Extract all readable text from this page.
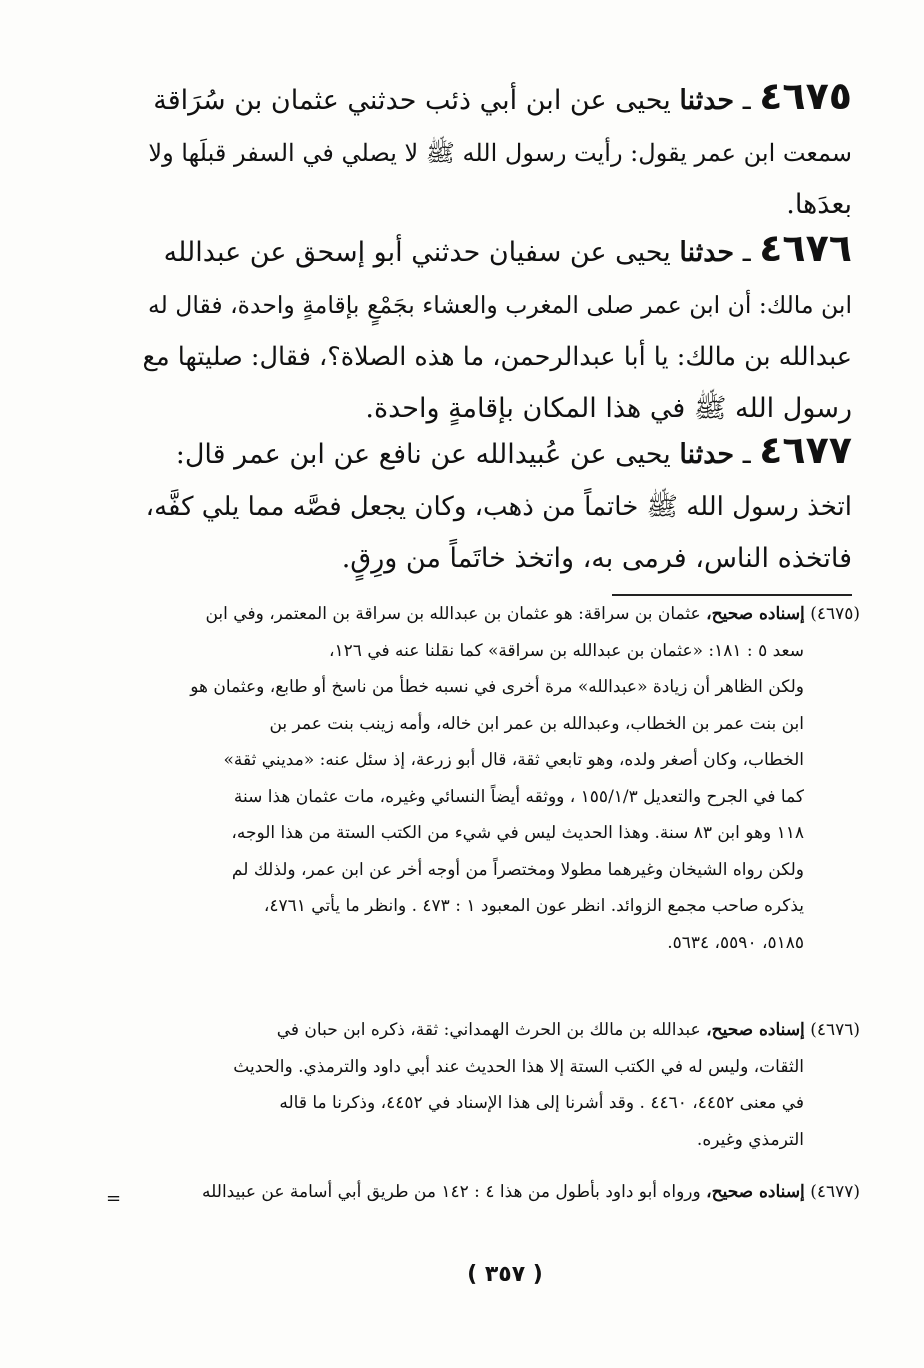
٤٦٧٥ ـ حدثنا يحيى عن ابن أبي ذئب حدثني عثمان بن سُرَاقة
سمعت ابن عمر يقول: رأيت رسول الله ﷺ لا يصلي في السفر قبلَها ولا
بعدَها.
٤٦٧٦ ـ حدثنا يحيى عن سفيان حدثني أبو إسحق عن عبدالله
ابن مالك: أن ابن عمر صلى المغرب والعشاء بجَمْعٍ بإقامةٍ واحدة، فقال له
عبدالله بن مالك: يا أبا عبدالرحمن، ما هذه الصلاة؟، فقال: صليتها مع
رسول الله ﷺ في هذا المكان بإقامةٍ واحدة.
٤٦٧٧ ـ حدثنا يحيى عن عُبيدالله عن نافع عن ابن عمر قال:
اتخذ رسول الله ﷺ خاتماً من ذهب، وكان يجعل فصَّه مما يلي كفَّه،
فاتخذه الناس، فرمى به، واتخذ خاتَماً من ورِقٍ.
(٤٦٧٥) إسناده صحيح، عثمان بن سراقة: هو عثمان بن عبدالله بن سراقة بن المعتمر، وفي ابن
سعد ٥ : ١٨١: «عثمان بن عبدالله بن سراقة» كما نقلنا عنه في ١٢٦،
ولكن الظاهر أن زيادة «عبدالله» مرة أخرى في نسبه خطأ من ناسخ أو طابع، وعثمان هو
ابن بنت عمر بن الخطاب، وعبدالله بن عمر ابن خاله، وأمه زينب بنت عمر بن
الخطاب، وكان أصغر ولده، وهو تابعي ثقة، قال أبو زرعة، إذ سئل عنه: «مديني ثقة»
كما في الجرح والتعديل ١٥٥/١/٣ ، ووثقه أيضاً النسائي وغيره، مات عثمان هذا سنة
١١٨ وهو ابن ٨٣ سنة. وهذا الحديث ليس في شيء من الكتب الستة من هذا الوجه،
ولكن رواه الشيخان وغيرهما مطولا ومختصراً من أوجه أخر عن ابن عمر، ولذلك لم
يذكره صاحب مجمع الزوائد. انظر عون المعبود ١ : ٤٧٣ . وانظر ما يأتي ٤٧٦١،
٥١٨٥، ٥٥٩٠، ٥٦٣٤.
(٤٦٧٦) إسناده صحيح، عبدالله بن مالك بن الحرث الهمداني: ثقة، ذكره ابن حبان في
الثقات، وليس له في الكتب الستة إلا هذا الحديث عند أبي داود والترمذي. والحديث
في معنى ٤٤٥٢، ٤٤٦٠ . وقد أشرنا إلى هذا الإسناد في ٤٤٥٢، وذكرنا ما قاله
الترمذي وغيره.
(٤٦٧٧) إسناده صحيح، ورواه أبو داود بأطول من هذا ٤ : ١٤٢ من طريق أبي أسامة عن عبيدالله
=
( ٣٥٧ )
